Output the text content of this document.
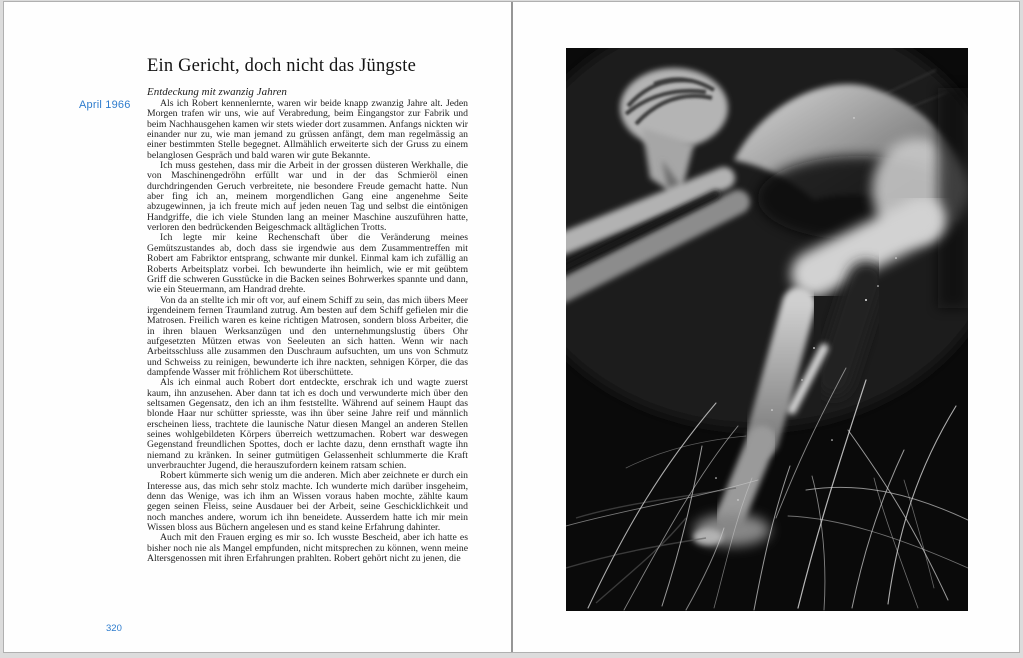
April 1966
Ein Gericht, doch nicht das Jüngste
Entdeckung mit zwanzig Jahren

Als ich Robert kennenlernte, waren wir beide knapp zwanzig Jahre alt. Jeden Morgen trafen wir uns, wie auf Verabredung, beim Eingangstor zur Fabrik und beim Nachhausgehen kamen wir stets wieder dort zusammen. Anfangs nickten wir einander nur zu, wie man jemand zu grüssen anfängt, dem man regelmässig an einer bestimmten Stelle begegnet. Allmählich erweiterte sich der Gruss zu einem belanglosen Gespräch und bald waren wir gute Bekannte.

Ich muss gestehen, dass mir die Arbeit in der grossen düsteren Werkhalle, die von Maschinengedröhn erfüllt war und in der das Schmieröl einen durchdringenden Geruch verbreitete, nie besondere Freude gemacht hatte. Nun aber fing ich an, meinem morgendlichen Gang eine angenehme Seite abzugewinnen, ja ich freute mich auf jeden neuen Tag und selbst die eintönigen Handgriffe, die ich viele Stunden lang an meiner Maschine auszuführen hatte, verloren den bedrückenden Beigeschmack alltäglichen Trotts.

Ich legte mir keine Rechenschaft über die Veränderung meines Gemütszustandes ab, doch dass sie irgendwie aus dem Zusammentreffen mit Robert am Fabriktor entsprang, schwante mir dunkel. Einmal kam ich zufällig an Roberts Arbeitsplatz vorbei. Ich bewunderte ihn heimlich, wie er mit geübtem Griff die schweren Gusstücke in die Backen seines Bohrwerkes spannte und dann, wie ein Steuermann, am Handrad drehte.

Von da an stellte ich mir oft vor, auf einem Schiff zu sein, das mich übers Meer irgendeinem fernen Traumland zutrug. Am besten auf dem Schiff gefielen mir die Matrosen. Freilich waren es keine richtigen Matrosen, sondern bloss Arbeiter, die in ihren blauen Werksanzügen und den unternehmungslustig übers Ohr aufgesetzten Mützen etwas von Seeleuten an sich hatten. Wenn wir nach Arbeitsschluss alle zusammen den Duschraum aufsuchten, um uns von Schmutz und Schweiss zu reinigen, bewunderte ich ihre nackten, sehnigen Körper, die das dampfende Wasser mit fröhlichem Rot überschüttete.

Als ich einmal auch Robert dort entdeckte, erschrak ich und wagte zuerst kaum, ihn anzusehen. Aber dann tat ich es doch und verwunderte mich über den seltsamen Gegensatz, den ich an ihm feststellte. Während auf seinem Haupt das blonde Haar nur schütter spriesste, was ihn über seine Jahre reif und männlich erscheinen liess, trachtete die launische Natur diesen Mangel an anderen Stellen seines wohlgebildeten Körpers überreich wettzumachen. Robert war deswegen Gegenstand freundlichen Spottes, doch er lachte dazu, denn ernsthaft wagte ihn niemand zu kränken. In seiner gutmütigen Gelassenheit schlummerte die Kraft unverbrauchter Jugend, die herauszufordern keinem ratsam schien.

Robert kümmerte sich wenig um die anderen. Mich aber zeichnete er durch ein Interesse aus, das mich sehr stolz machte. Ich wunderte mich darüber insgeheim, denn das Wenige, was ich ihm an Wissen voraus haben mochte, zählte kaum gegen seinen Fleiss, seine Ausdauer bei der Arbeit, seine Geschicklichkeit und noch manches andere, worum ich ihn beneidete. Ausserdem hatte ich mir mein Wissen bloss aus Büchern angelesen und es stand keine Erfahrung dahinter.

Auch mit den Frauen erging es mir so. Ich wusste Bescheid, aber ich hatte es bisher noch nie als Mangel empfunden, nicht mitsprechen zu können, wenn meine Altersgenossen mit ihren Erfahrungen prahlten. Robert gehört nicht zu jenen, die

320
